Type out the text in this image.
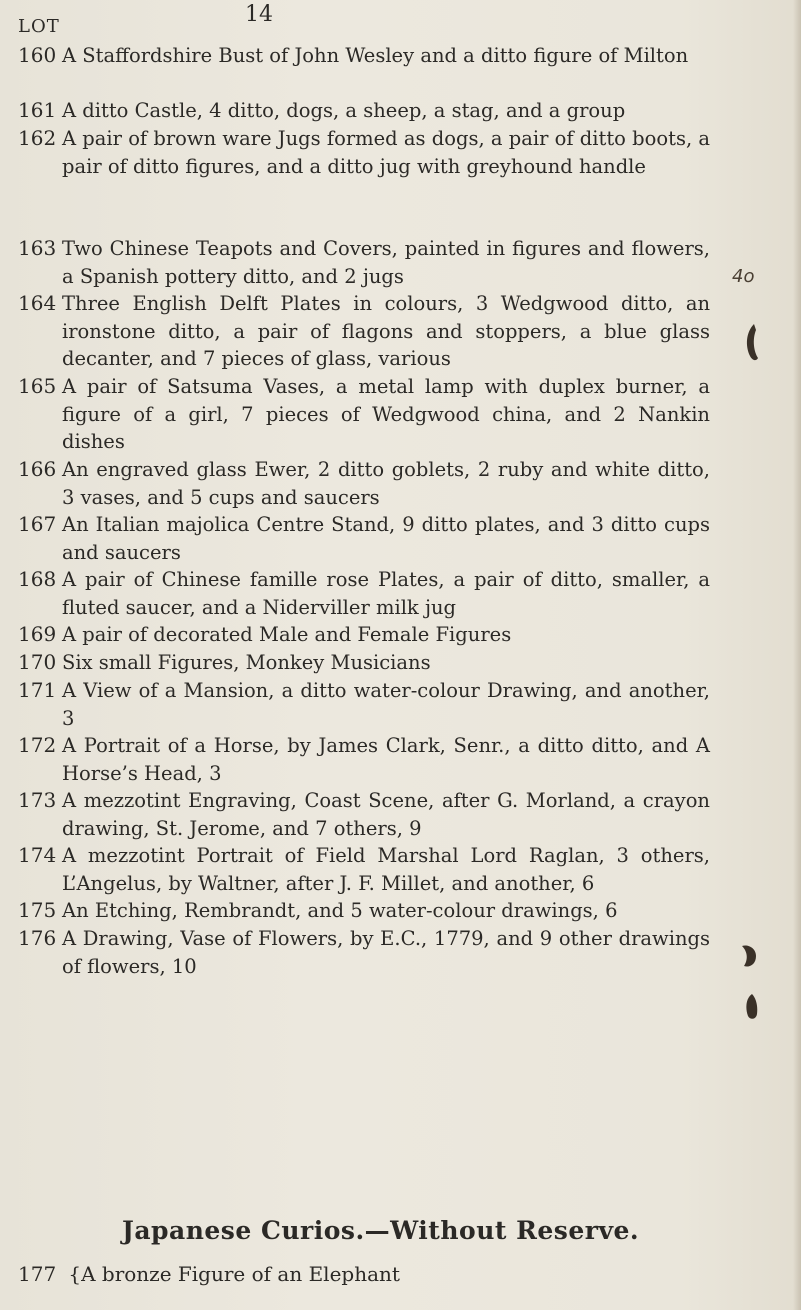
14
LOT
160 A Staffordshire Bust of John Wesley and a ditto figure of Milton
161 A ditto Castle, 4 ditto, dogs, a sheep, a stag, and a group
162 A pair of brown ware Jugs formed as dogs, a pair of ditto boots, a pair of ditto figures, and a ditto jug with greyhound handle
163 Two Chinese Teapots and Covers, painted in figures and flowers, a Spanish pottery ditto, and 2 jugs
164 Three English Delft Plates in colours, 3 Wedgwood ditto, an ironstone ditto, a pair of flagons and stoppers, a blue glass decanter, and 7 pieces of glass, various
165 A pair of Satsuma Vases, a metal lamp with duplex burner, a figure of a girl, 7 pieces of Wedgwood china, and 2 Nankin dishes
166 An engraved glass Ewer, 2 ditto goblets, 2 ruby and white ditto, 3 vases, and 5 cups and saucers
167 An Italian majolica Centre Stand, 9 ditto plates, and 3 ditto cups and saucers
168 A pair of Chinese famille rose Plates, a pair of ditto, smaller, a fluted saucer, and a Niderviller milk jug
169 A pair of decorated Male and Female Figures
170 Six small Figures, Monkey Musicians
171 A View of a Mansion, a ditto water-colour Drawing, and another, 3
172 A Portrait of a Horse, by James Clark, Senr., a ditto ditto, and A Horse’s Head, 3
173 A mezzotint Engraving, Coast Scene, after G. Morland, a crayon drawing, St. Jerome, and 7 others, 9
174 A mezzotint Portrait of Field Marshal Lord Raglan, 3 others, L’Angelus, by Waltner, after J. F. Millet, and another, 6
175 An Etching, Rembrandt, and 5 water-colour drawings, 6
176 A Drawing, Vase of Flowers, by E.C., 1779, and 9 other drawings of flowers, 10
Japanese Curios.—Without Reserve.
177 {A bronze Figure of an Elephant
4o
